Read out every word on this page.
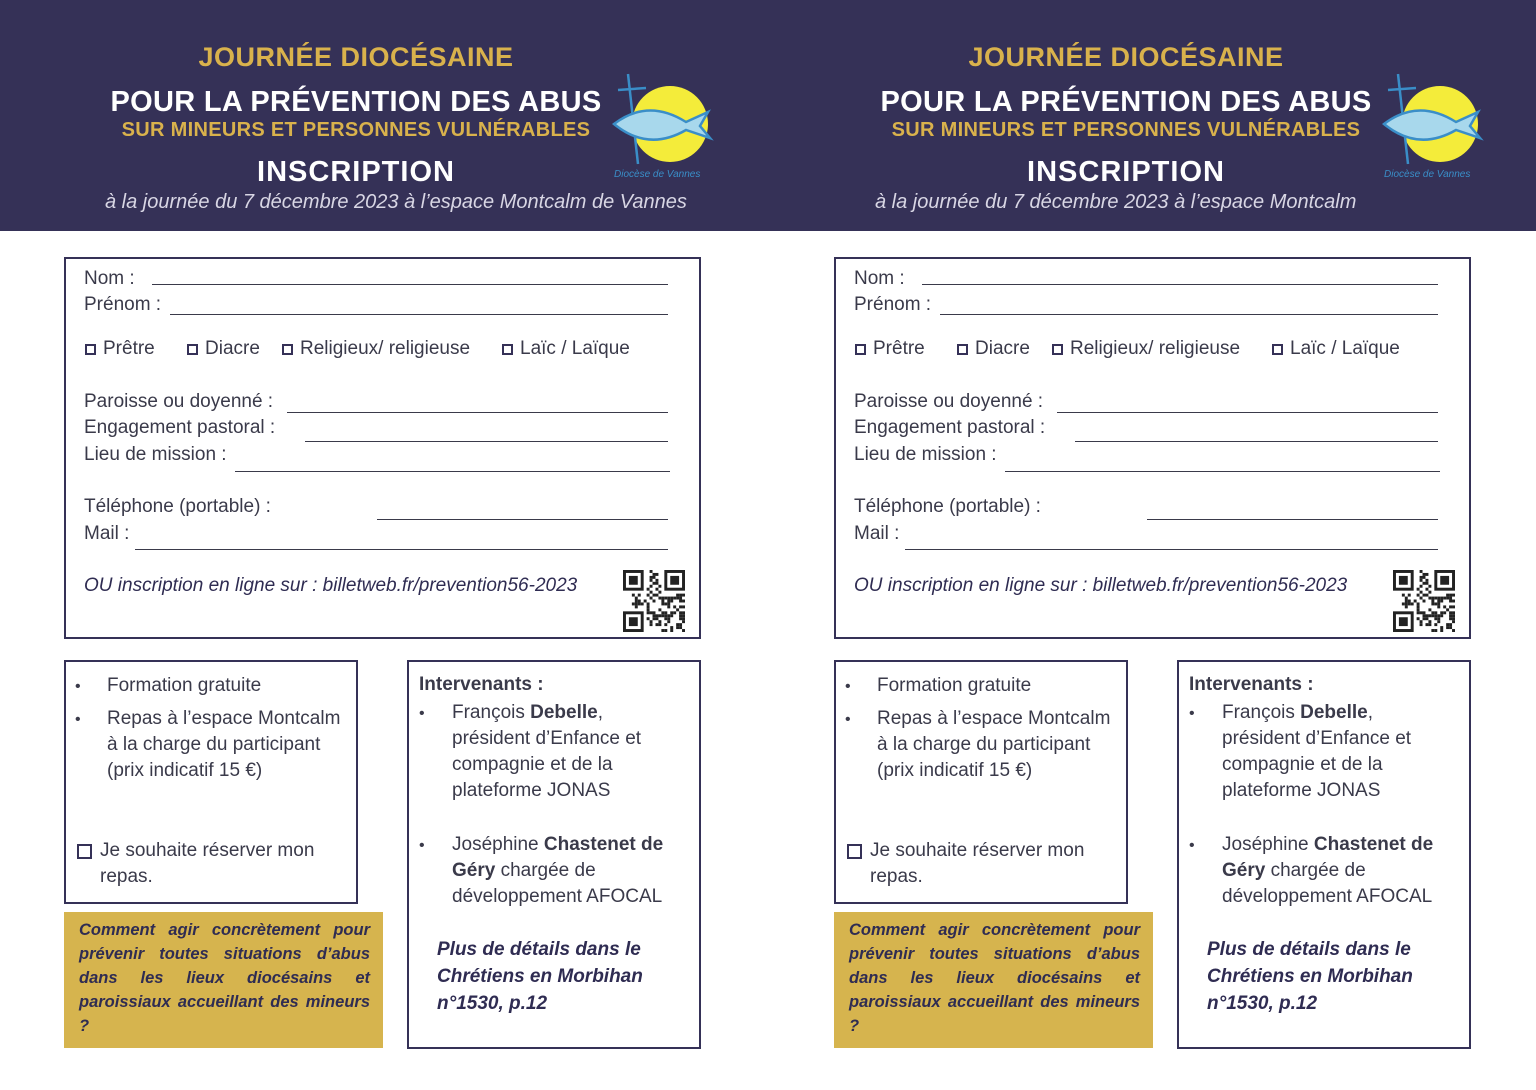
JOURNÉE DIOCÉSAINE
POUR LA PRÉVENTION DES ABUS
SUR MINEURS ET PERSONNES VULNÉRABLES
INSCRIPTION
à la journée du 7 décembre 2023 à l’espace Montcalm de Vannes
Diocèse de Vannes
Nom :
Prénom :
Prêtre	Diacre	Religieux/ religieuse	Laïc / Laïque
Paroisse ou doyenné :
Engagement pastoral :
Lieu de mission :
Téléphone (portable) :
Mail :
OU inscription en ligne sur : billetweb.fr/prevention56-2023
• Formation gratuite
• Repas à l’espace Montcalm à la charge du participant (prix indicatif 15 €)
Je souhaite réserver mon repas.
Comment agir concrètement pour prévenir toutes situations d’abus dans les lieux diocésains et paroissiaux accueillant des mineurs ?
Intervenants :
• François Debelle, président d’Enfance et compagnie et de la plateforme JONAS
• Joséphine Chastenet de Géry chargée de développement AFOCAL
Plus de détails dans le Chrétiens en Morbihan n°1530, p.12
JOURNÉE DIOCÉSAINE
POUR LA PRÉVENTION DES ABUS
SUR MINEURS ET PERSONNES VULNÉRABLES
INSCRIPTION
à la journée du 7 décembre 2023 à l’espace Montcalm
Diocèse de Vannes
Nom :
Prénom :
Prêtre	Diacre	Religieux/ religieuse	Laïc / Laïque
Paroisse ou doyenné :
Engagement pastoral :
Lieu de mission :
Téléphone (portable) :
Mail :
OU inscription en ligne sur : billetweb.fr/prevention56-2023
• Formation gratuite
• Repas à l’espace Montcalm à la charge du participant (prix indicatif 15 €)
Je souhaite réserver mon repas.
Comment agir concrètement pour prévenir toutes situations d’abus dans les lieux diocésains et paroissiaux accueillant des mineurs ?
Intervenants :
• François Debelle, président d’Enfance et compagnie et de la plateforme JONAS
• Joséphine Chastenet de Géry chargée de développement AFOCAL
Plus de détails dans le Chrétiens en Morbihan n°1530, p.12
